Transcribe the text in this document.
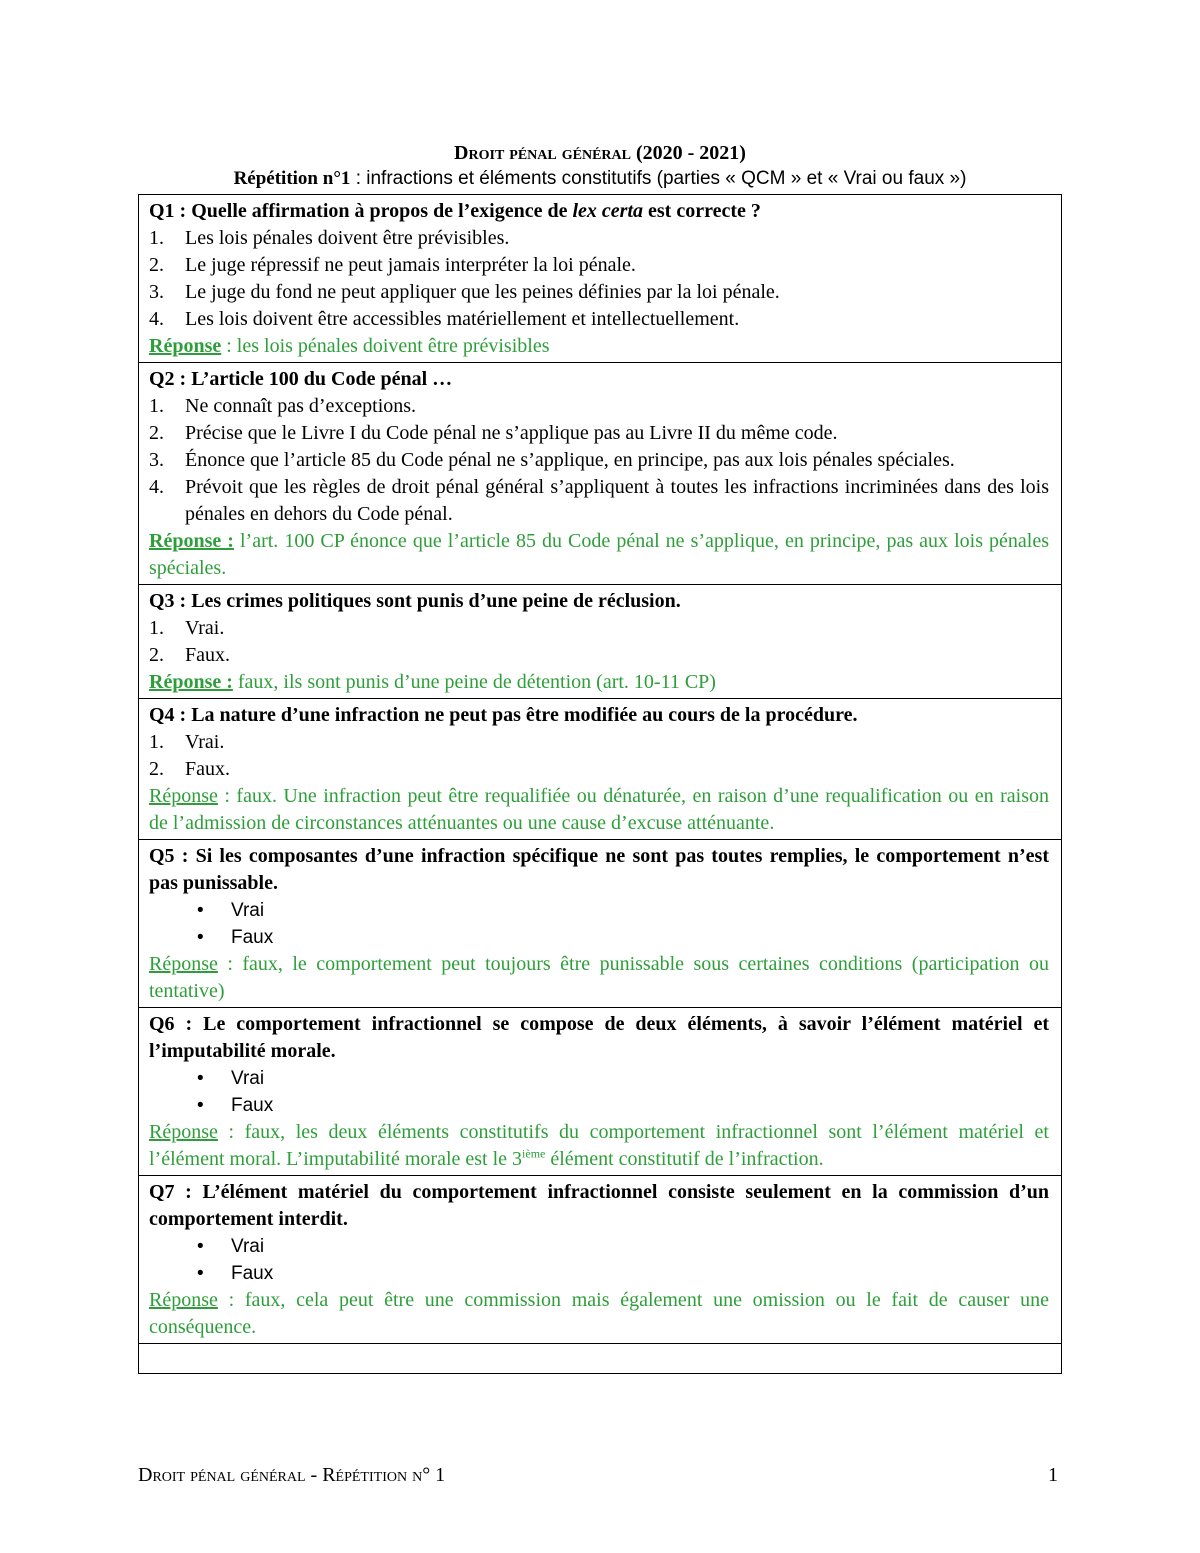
Droit pénal général (2020 - 2021)
Répétition n°1 : infractions et éléments constitutifs (parties « QCM » et « Vrai ou faux »)
Q1 : Quelle affirmation à propos de l’exigence de lex certa est correcte ?
1. Les lois pénales doivent être prévisibles.
2. Le juge répressif ne peut jamais interpréter la loi pénale.
3. Le juge du fond ne peut appliquer que les peines définies par la loi pénale.
4. Les lois doivent être accessibles matériellement et intellectuellement.
Réponse : les lois pénales doivent être prévisibles

Q2 : L’article 100 du Code pénal …
1. Ne connaît pas d’exceptions.
2. Précise que le Livre I du Code pénal ne s’applique pas au Livre II du même code.
3. Énonce que l’article 85 du Code pénal ne s’applique, en principe, pas aux lois pénales spéciales.
4. Prévoit que les règles de droit pénal général s’appliquent à toutes les infractions incriminées dans des lois pénales en dehors du Code pénal.
Réponse : l’art. 100 CP énonce que l’article 85 du Code pénal ne s’applique, en principe, pas aux lois pénales spéciales.

Q3 : Les crimes politiques sont punis d’une peine de réclusion.
1. Vrai.
2. Faux.
Réponse : faux, ils sont punis d’une peine de détention (art. 10-11 CP)

Q4 : La nature d’une infraction ne peut pas être modifiée au cours de la procédure.
1. Vrai.
2. Faux.
Réponse : faux. Une infraction peut être requalifiée ou dénaturée, en raison d’une requalification ou en raison de l’admission de circonstances atténuantes ou une cause d’excuse atténuante.

Q5 : Si les composantes d’une infraction spécifique ne sont pas toutes remplies, le comportement n’est pas punissable.
• Vrai
• Faux
Réponse : faux, le comportement peut toujours être punissable sous certaines conditions (participation ou tentative)

Q6 : Le comportement infractionnel se compose de deux éléments, à savoir l’élément matériel et l’imputabilité morale.
• Vrai
• Faux
Réponse : faux, les deux éléments constitutifs du comportement infractionnel sont l’élément matériel et l’élément moral. L’imputabilité morale est le 3ième élément constitutif de l’infraction.

Q7 : L’élément matériel du comportement infractionnel consiste seulement en la commission d’un comportement interdit.
• Vrai
• Faux
Réponse : faux, cela peut être une commission mais également une omission ou le fait de causer une conséquence.

Droit pénal général - Répétition n° 1	1
